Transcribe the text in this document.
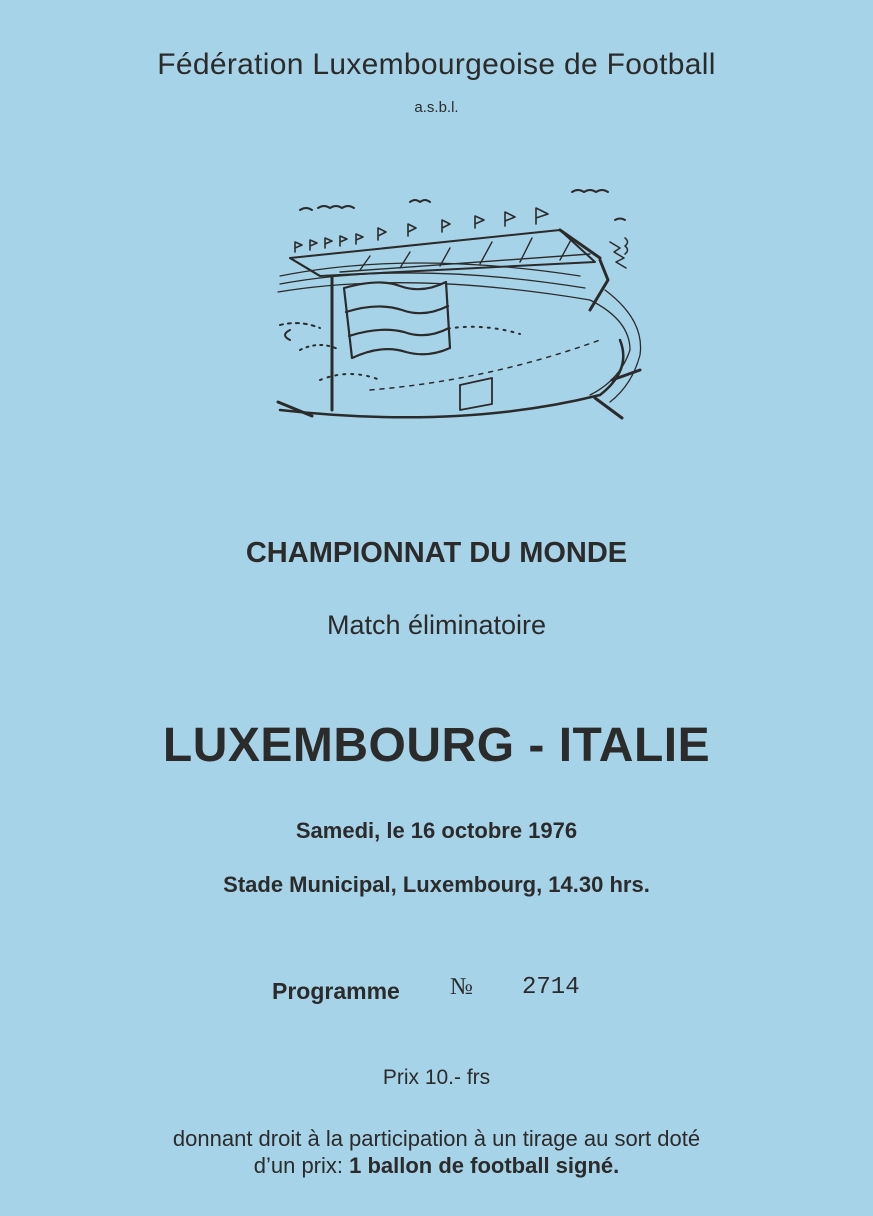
Fédération Luxembourgeoise de Football
a.s.b.l.
CHAMPIONNAT DU MONDE
Match éliminatoire
LUXEMBOURG - ITALIE
Samedi, le 16 octobre 1976
Stade Municipal, Luxembourg, 14.30 hrs.
Programme № 2714
Prix 10.- frs
donnant droit à la participation à un tirage au sort doté
d’un prix: 1 ballon de football signé.
